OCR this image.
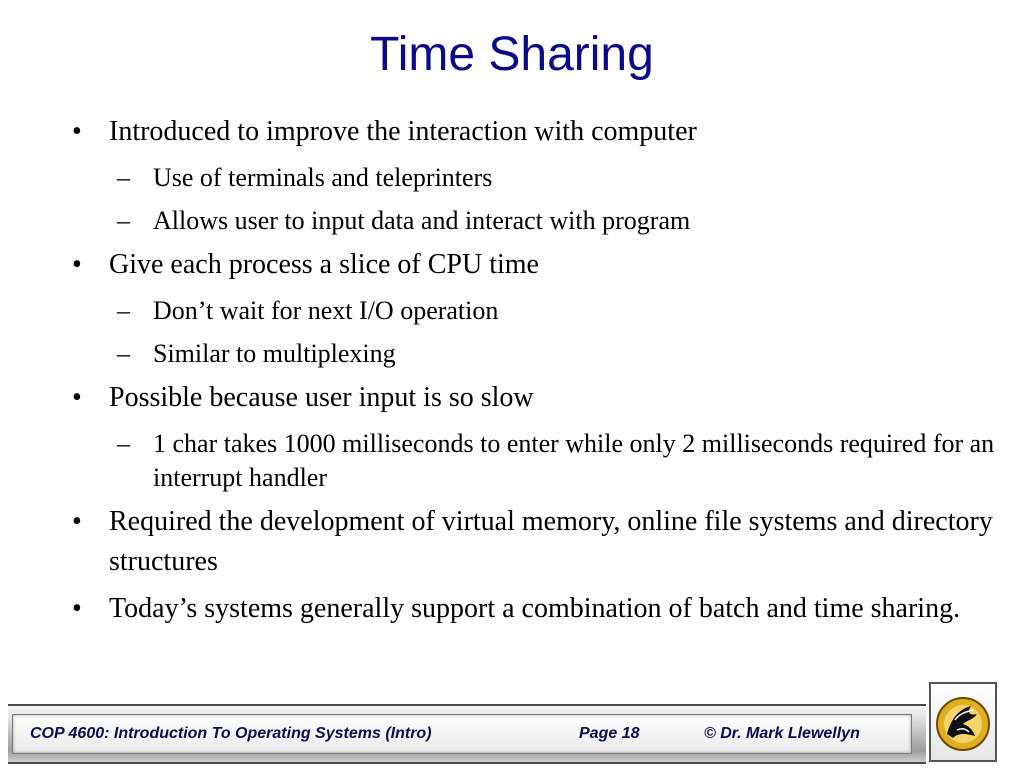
Time Sharing
• Introduced to improve the interaction with computer
– Use of terminals and teleprinters
– Allows user to input data and interact with program
• Give each process a slice of CPU time
– Don’t wait for next I/O operation
– Similar to multiplexing
• Possible because user input is so slow
– 1 char takes 1000 milliseconds to enter while only 2 milliseconds required for an interrupt handler
• Required the development of virtual memory, online file systems and directory structures
• Today’s systems generally support a combination of batch and time sharing.
COP 4600: Introduction To Operating Systems (Intro)	Page 18	© Dr. Mark Llewellyn
